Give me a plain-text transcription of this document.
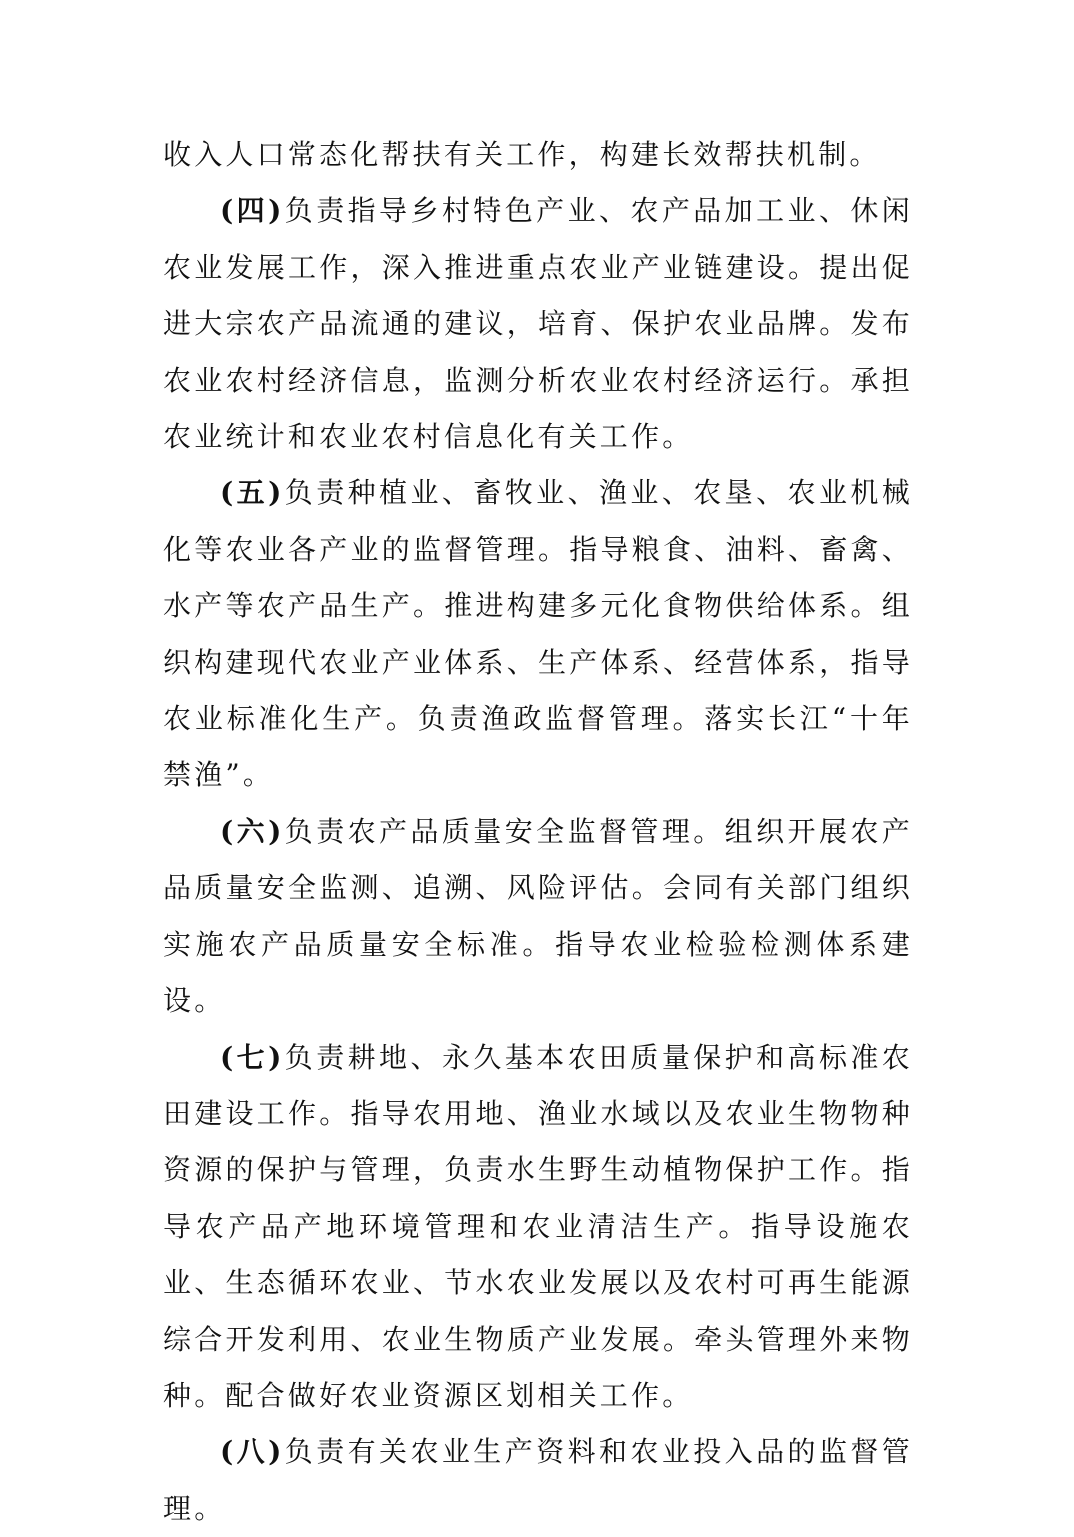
收入人口常态化帮扶有关工作，构建长效帮扶机制。

(四)负责指导乡村特色产业、农产品加工业、休闲农业发展工作，深入推进重点农业产业链建设。提出促进大宗农产品流通的建议，培育、保护农业品牌。发布农业农村经济信息，监测分析农业农村经济运行。承担农业统计和农业农村信息化有关工作。

(五)负责种植业、畜牧业、渔业、农垦、农业机械化等农业各产业的监督管理。指导粮食、油料、畜禽、水产等农产品生产。推进构建多元化食物供给体系。组织构建现代农业产业体系、生产体系、经营体系，指导农业标准化生产。负责渔政监督管理。落实长江“十年禁渔”。

(六)负责农产品质量安全监督管理。组织开展农产品质量安全监测、追溯、风险评估。会同有关部门组织实施农产品质量安全标准。指导农业检验检测体系建设。

(七)负责耕地、永久基本农田质量保护和高标准农田建设工作。指导农用地、渔业水域以及农业生物物种资源的保护与管理，负责水生野生动植物保护工作。指导农产品产地环境管理和农业清洁生产。指导设施农业、生态循环农业、节水农业发展以及农村可再生能源综合开发利用、农业生物质产业发展。牵头管理外来物种。配合做好农业资源区划相关工作。

(八)负责有关农业生产资料和农业投入品的监督管理。
